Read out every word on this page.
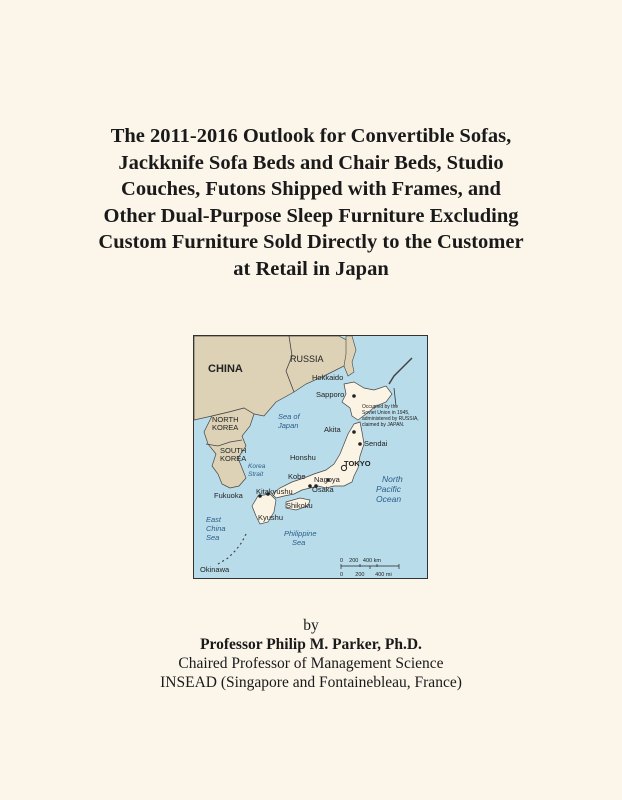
The 2011-2016 Outlook for Convertible Sofas,
Jackknife Sofa Beds and Chair Beds, Studio
Couches, Futons Shipped with Frames, and
Other Dual-Purpose Sleep Furniture Excluding
Custom Furniture Sold Directly to the Customer
at Retail in Japan
CHINA
RUSSIA
NORTH
KOREA
SOUTH
KOREA
Sea of
Japan
Korea
Strait
Hokkaido
Sapporo
Akita
Sendai
Honshu
TOKYO
Kobe Nagoya
Osaka
Fukuoka Kitakyushu
Shikoku
Kyushu
East
China
Sea	Philippine
Sea
North
Pacific
Ocean
Okinawa
Occupied by the
Soviet Union in 1945,
administered by RUSSIA,
claimed by JAPAN.
0    200   400 km
0        200       400 mi
by
Professor Philip M. Parker, Ph.D.
Chaired Professor of Management Science
INSEAD (Singapore and Fontainebleau, France)
